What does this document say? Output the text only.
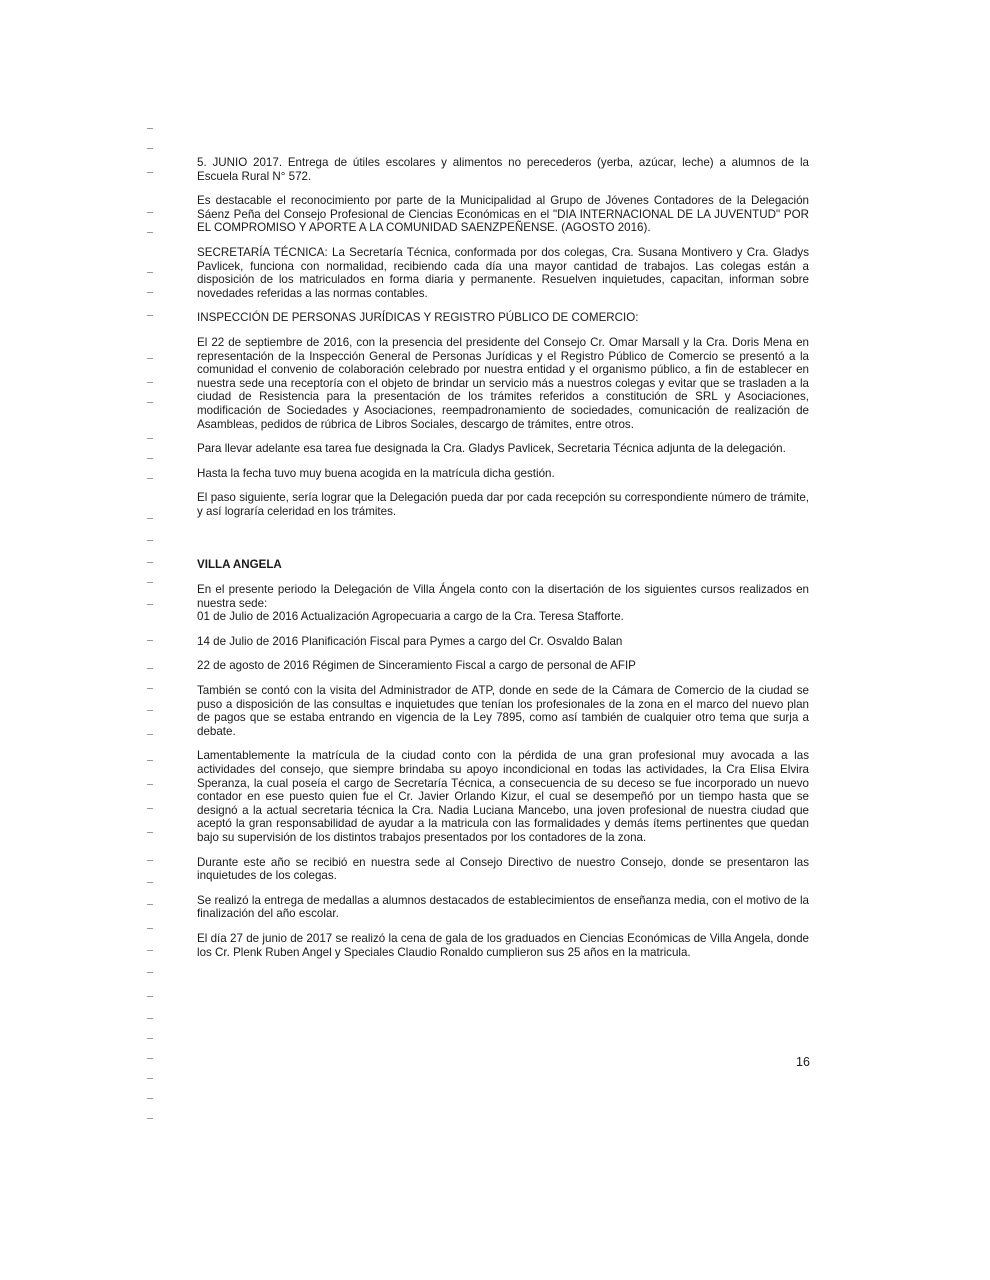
5. JUNIO 2017. Entrega de útiles escolares y alimentos no perecederos (yerba, azúcar, leche) a alumnos de la Escuela Rural N° 572.

Es destacable el reconocimiento por parte de la Municipalidad al Grupo de Jóvenes Contadores de la Delegación Sáenz Peña del Consejo Profesional de Ciencias Económicas en el "DIA INTERNACIONAL DE LA JUVENTUD" POR EL COMPROMISO Y APORTE A LA COMUNIDAD SAENZPEÑENSE. (AGOSTO 2016).

SECRETARÍA TÉCNICA: La Secretaría Técnica, conformada por dos colegas, Cra. Susana Montivero y Cra. Gladys Pavlicek, funciona con normalidad, recibiendo cada día una mayor cantidad de trabajos. Las colegas están a disposición de los matriculados en forma diaria y permanente. Resuelven inquietudes, capacitan, informan sobre novedades referidas a las normas contables.

INSPECCIÓN DE PERSONAS JURÍDICAS Y REGISTRO PÚBLICO DE COMERCIO:

El 22 de septiembre de 2016, con la presencia del presidente del Consejo Cr. Omar Marsall y la Cra. Doris Mena en representación de la Inspección General de Personas Jurídicas y el Registro Público de Comercio se presentó a la comunidad el convenio de colaboración celebrado por nuestra entidad y el organismo público, a fin de establecer en nuestra sede una receptoría con el objeto de brindar un servicio más a nuestros colegas y evitar que se trasladen a la ciudad de Resistencia para la presentación de los trámites referidos a constitución de SRL y Asociaciones, modificación de Sociedades y Asociaciones, reempadronamiento de sociedades, comunicación de realización de Asambleas, pedidos de rúbrica de Libros Sociales, descargo de trámites, entre otros.

Para llevar adelante esa tarea fue designada la Cra. Gladys Pavlicek, Secretaria Técnica adjunta de la delegación.

Hasta la fecha tuvo muy buena acogida en la matrícula dicha gestión.

El paso siguiente, sería lograr que la Delegación pueda dar por cada recepción su correspondiente número de trámite, y así lograría celeridad en los trámites.

VILLA ANGELA

En el presente periodo la Delegación de Villa Ángela conto con la disertación de los siguientes cursos realizados en nuestra sede:

01 de Julio de 2016 Actualización Agropecuaria a cargo de la Cra. Teresa Stafforte.

14 de Julio de 2016 Planificación Fiscal para Pymes a cargo del Cr. Osvaldo Balan

22 de agosto de 2016 Régimen de Sinceramiento Fiscal a cargo de personal de AFIP

También se contó con la visita del Administrador de ATP, donde en sede de la Cámara de Comercio de la ciudad se puso a disposición de las consultas e inquietudes que tenían los profesionales de la zona en el marco del nuevo plan de pagos que se estaba entrando en vigencia de la Ley 7895, como así también de cualquier otro tema que surja a debate.

Lamentablemente la matrícula de la ciudad conto con la pérdida de una gran profesional muy avocada a las actividades del consejo, que siempre brindaba su apoyo incondicional en todas las actividades, la Cra Elisa Elvira Speranza, la cual poseía el cargo de Secretaría Técnica, a consecuencia de su deceso se fue incorporado un nuevo contador en ese puesto quien fue el Cr. Javier Orlando Kizur, el cual se desempeñó por un tiempo hasta que se designó a la actual secretaria técnica la Cra. Nadia Luciana Mancebo, una joven profesional de nuestra ciudad que aceptó la gran responsabilidad de ayudar a la matricula con las formalidades y demás ítems pertinentes que quedan bajo su supervisión de los distintos trabajos presentados por los contadores de la zona.

Durante este año se recibió en nuestra sede al Consejo Directivo de nuestro Consejo, donde se presentaron las inquietudes de los colegas.

Se realizó la entrega de medallas a alumnos destacados de establecimientos de enseñanza media, con el motivo de la finalización del año escolar.

El día 27 de junio de 2017 se realizó la cena de gala de los graduados en Ciencias Económicas de Villa Angela, donde los Cr. Plenk Ruben Angel y Speciales Claudio Ronaldo cumplieron sus 25 años en la matricula.

16
